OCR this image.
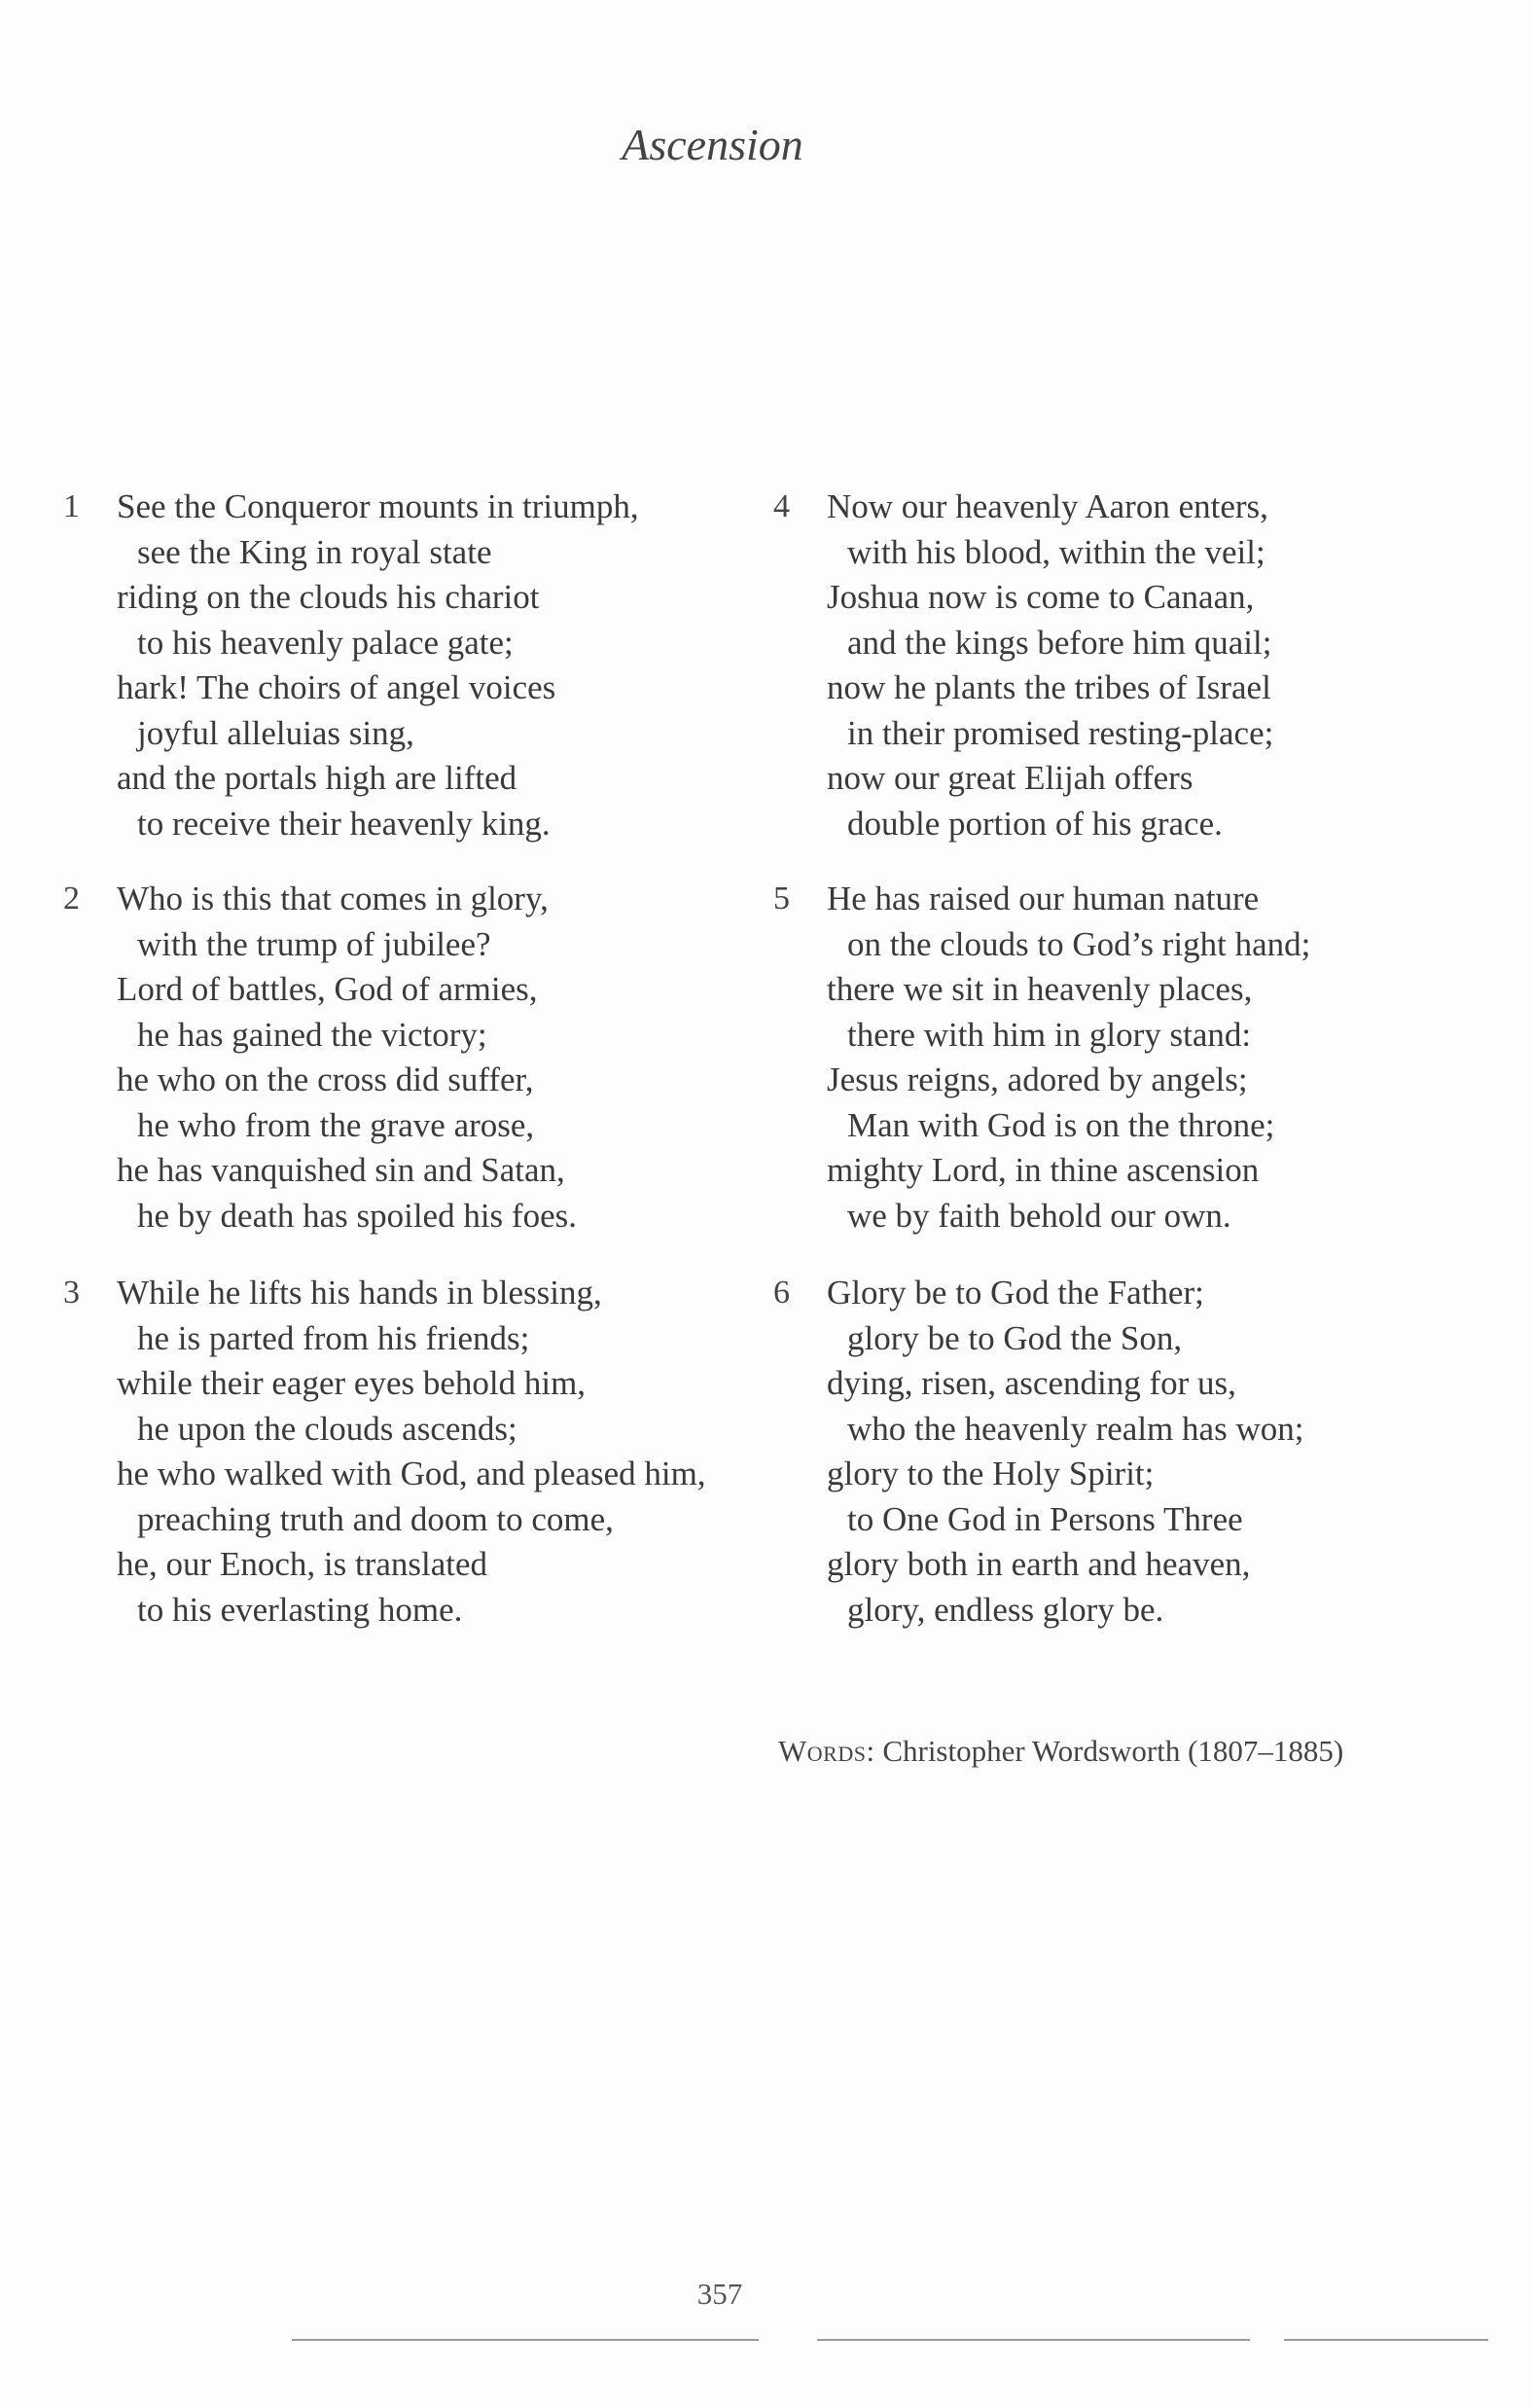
Ascension
1 See the Conqueror mounts in triumph,
see the King in royal state
riding on the clouds his chariot
to his heavenly palace gate;
hark! The choirs of angel voices
joyful alleluias sing,
and the portals high are lifted
to receive their heavenly king.
2 Who is this that comes in glory,
with the trump of jubilee?
Lord of battles, God of armies,
he has gained the victory;
he who on the cross did suffer,
he who from the grave arose,
he has vanquished sin and Satan,
he by death has spoiled his foes.
3 While he lifts his hands in blessing,
he is parted from his friends;
while their eager eyes behold him,
he upon the clouds ascends;
he who walked with God, and pleased him,
preaching truth and doom to come,
he, our Enoch, is translated
to his everlasting home.
4 Now our heavenly Aaron enters,
with his blood, within the veil;
Joshua now is come to Canaan,
and the kings before him quail;
now he plants the tribes of Israel
in their promised resting-place;
now our great Elijah offers
double portion of his grace.
5 He has raised our human nature
on the clouds to God’s right hand;
there we sit in heavenly places,
there with him in glory stand:
Jesus reigns, adored by angels;
Man with God is on the throne;
mighty Lord, in thine ascension
we by faith behold our own.
6 Glory be to God the Father;
glory be to God the Son,
dying, risen, ascending for us,
who the heavenly realm has won;
glory to the Holy Spirit;
to One God in Persons Three
glory both in earth and heaven,
glory, endless glory be.
Words: Christopher Wordsworth (1807–1885)
357
